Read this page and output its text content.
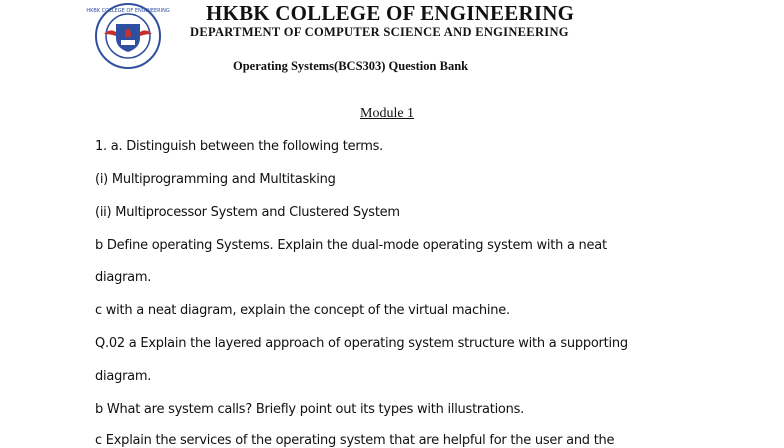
HKBK COLLEGE OF ENGINEERING HKBK COLLEGE OF ENGINEERING
DEPARTMENT OF COMPUTER SCIENCE AND ENGINEERING
Operating Systems(BCS303) Question Bank
Module 1
1. a. Distinguish between the following terms.
(i) Multiprogramming and Multitasking
(ii) Multiprocessor System and Clustered System
b Define operating Systems. Explain the dual-mode operating system with a neat
diagram.
c with a neat diagram, explain the concept of the virtual machine.
Q.02 a Explain the layered approach of operating system structure with a supporting
diagram.
b What are system calls? Briefly point out its types with illustrations.
c Explain the services of the operating system that are helpful for the user and the
